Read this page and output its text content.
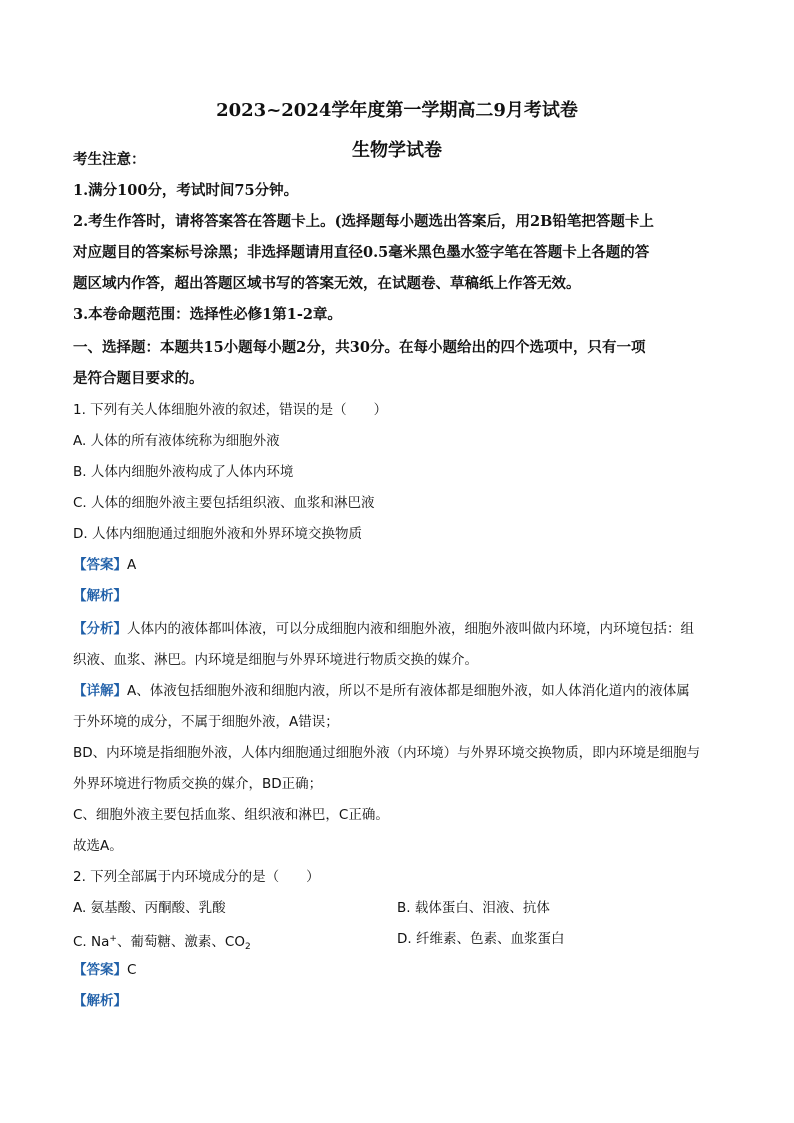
2023~2024学年度第一学期高二9月考试卷
生物学试卷
考生注意：
1.满分100分，考试时间75分钟。
2.考生作答时，请将答案答在答题卡上。(选择题每小题选出答案后，用2B铅笔把答题卡上
对应题目的答案标号涂黑；非选择题请用直径0.5毫米黑色墨水签字笔在答题卡上各题的答
题区域内作答，超出答题区域书写的答案无效，在试题卷、草稿纸上作答无效。
3.本卷命题范围：选择性必修1第1-2章。
一、选择题：本题共15小题每小题2分，共30分。在每小题给出的四个选项中，只有一项
是符合题目要求的。
1. 下列有关人体细胞外液的叙述，错误的是（　　）
A. 人体的所有液体统称为细胞外液
B. 人体内细胞外液构成了人体内环境
C. 人体的细胞外液主要包括组织液、血浆和淋巴液
D. 人体内细胞通过细胞外液和外界环境交换物质
【答案】A
【解析】
【分析】人体内的液体都叫体液，可以分成细胞内液和细胞外液，细胞外液叫做内环境，内环境包括：组
织液、血浆、淋巴。内环境是细胞与外界环境进行物质交换的媒介。
【详解】A、体液包括细胞外液和细胞内液，所以不是所有液体都是细胞外液，如人体消化道内的液体属
于外环境的成分，不属于细胞外液，A错误；
BD、内环境是指细胞外液，人体内细胞通过细胞外液（内环境）与外界环境交换物质，即内环境是细胞与
外界环境进行物质交换的媒介，BD正确；
C、细胞外液主要包括血浆、组织液和淋巴，C正确。
故选A。
2. 下列全部属于内环境成分的是（　　）
A. 氨基酸、丙酮酸、乳酸	B. 载体蛋白、泪液、抗体
C. Na+、葡萄糖、激素、$CO_2$	D. 纤维素、色素、血浆蛋白
【答案】C
【解析】
